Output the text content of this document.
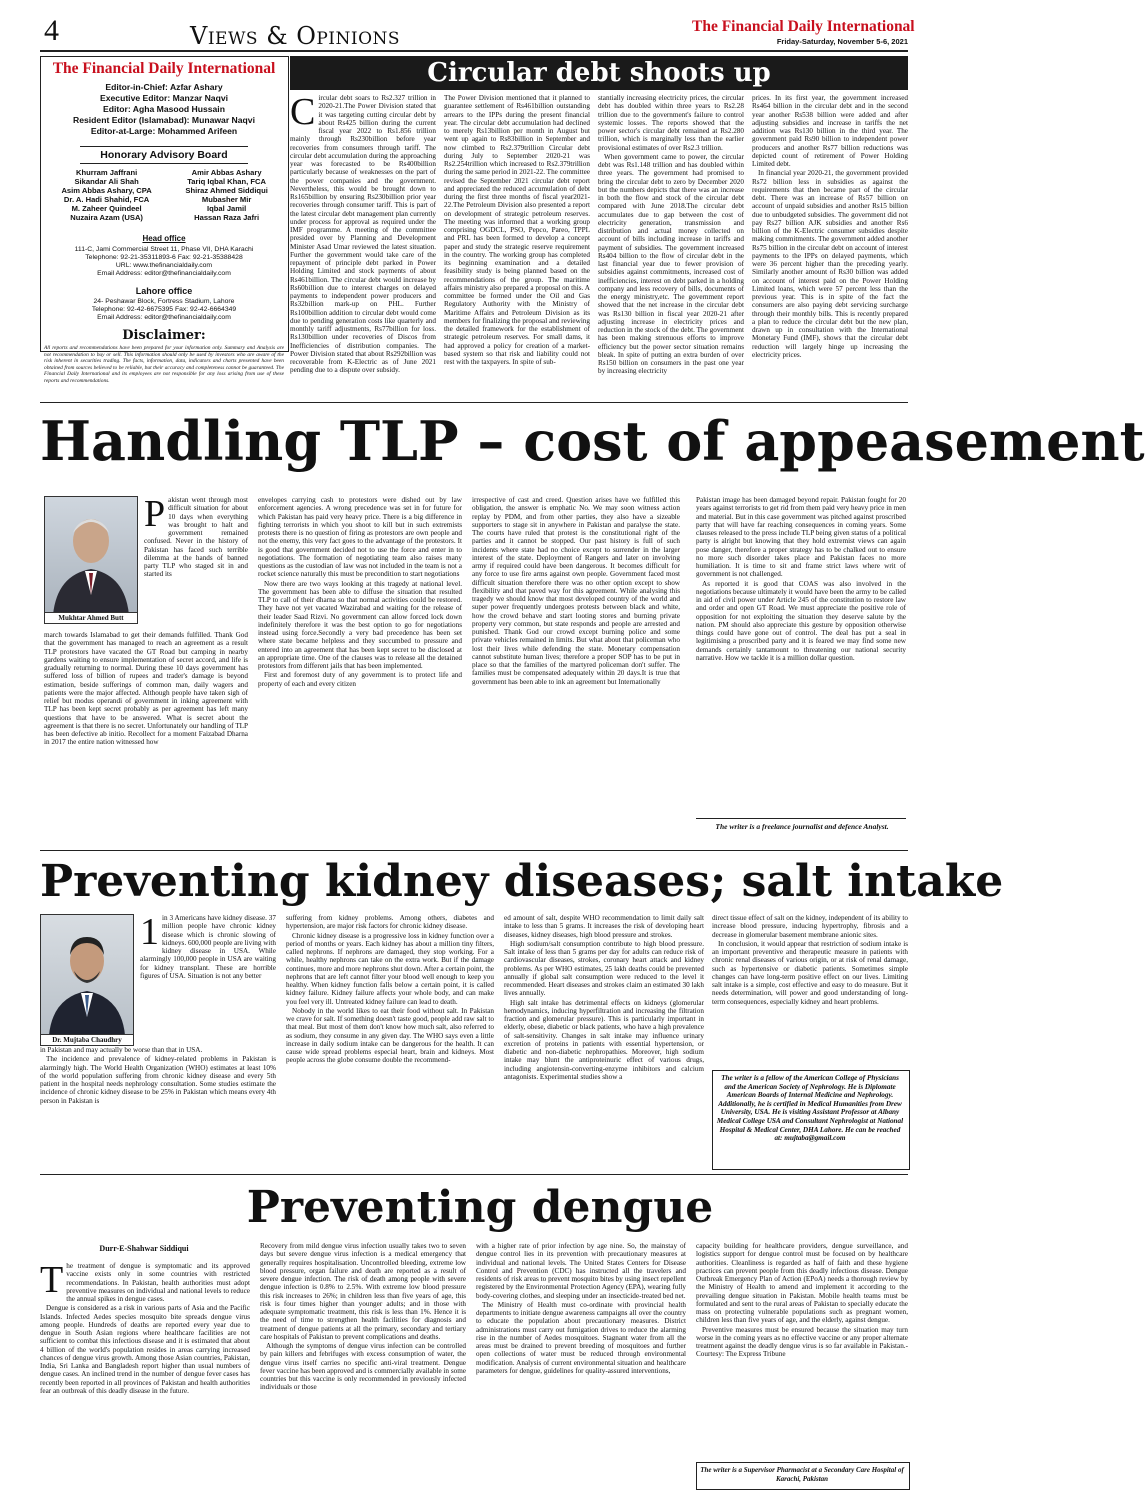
4	Views & Opinions	The Financial Daily International
Friday-Saturday, November 5-6, 2021
The Financial Daily International
Editor-in-Chief: Azfar Ashary
Executive Editor: Manzar Naqvi
Editor: Agha Masood Hussain
Resident Editor (Islamabad): Munawar Naqvi
Editor-at-Large: Mohammed Arifeen
Honorary Advisory Board
Khurram Jaffrani	Amir Abbas Ashary
Sikandar Ali Shah	Tariq Iqbal Khan, FCA
Asim Abbas Ashary, CPA	Shiraz Ahmed Siddiqui
Dr. A. Hadi Shahid, FCA	Mubasher Mir
M. Zaheer Quindeel	Iqbal Jamil
Nuzaira Azam (USA)	Hassan Raza Jafri
Head office
111-C, Jami Commercial Street 11, Phase VII, DHA Karachi
Telephone: 92-21-35311893-6 Fax: 92-21-35388428
URL: www.thefinancialdaily.com
Email Address: editor@thefinancialdaily.com
Lahore office
24- Peshawar Block, Fortress Stadium, Lahore
Telephone: 92-42-6675395 Fax: 92-42-6664349
Email Address: editor@thefinancialdaily.com
Disclaimer:
All reports and recommendations have been prepared for your information only. Summary and Analysis are not recommendation to buy or sell. This information should only be used by investors who are aware of the risk inherent in securities trading. The facts, information, data, indicators and charts presented have been obtained from sources believed to be reliable, but their accuracy and completeness cannot be guaranteed. The Financial Daily International and its employees are not responsible for any loss arising from use of these reports and recommendations.
Circular debt shoots up
C ircular debt soars to Rs2.327 trillion in 2020-21.The Power Division stated that it was targeting cutting circular debt by about Rs425 billion during the current fiscal year 2022 to Rs1.856 trillion mainly through Rs230billion before year recoveries from consumers through tariff. The circular debt accumulation during the approaching year was forecasted to be Rs400billion particularly because of weaknesses on the part of the power companies and the government. Nevertheless, this would be brought down to Rs165billion by ensuring Rs230billion prior year recoveries through consumer tariff. This is part of the latest circular debt management plan currently under process for approval as required under the IMF programme. A meeting of the committee presided over by Planning and Development Minister Asad Umar reviewed the latest situation. Further the government would take care of the repayment of principle debt parked in Power Holding Limited and stock payments of about Rs461billion. The circular debt would increase by Rs60billion due to interest charges on delayed payments to independent power producers and Rs32billion mark-up on PHL. Further Rs100billion addition to circular debt would come due to pending generation costs like quarterly and monthly tariff adjustments, Rs77billion for loss. Rs130billion under recoveries of Discos from Inefficiencies of distribution companies. The Power Division stated that about Rs292billion was recoverable from K-Electric as of June 2021 pending due to a dispute over subsidy.

The Power Division mentioned that it planned to guarantee settlement of Rs461billion outstanding arrears to the IPPs during the present financial year. The circular debt accumulation had declined to merely Rs13billion per month in August but went up again to Rs83billion in September and now climbed to Rs2.379trillion Circular debt during July to September 2020-21 was Rs2.254trillion which increased to Rs2.379trillion during the same period in 2021-22. The committee revised the September 2021 circular debt report and appreciated the reduced accumulation of debt during the first three months of fiscal year2021-22.The Petroleum Division also presented a report on development of strategic petroleum reserves. The meeting was informed that a working group comprising OGDCL, PSO, Pepco, Pareo, TPPL and PRL has been formed to develop a concept paper and study the strategic reserve requirement in the country. The working group has completed its beginning examination and a detailed feasibility study is being planned based on the recommendations of the group. The maritime affairs ministry also prepared a proposal on this. A committee be formed under the Oil and Gas Regulatory Authority with the Ministry of Maritime Affairs and Petroleum Division as its members for finalizing the proposal and reviewing the detailed framework for the establishment of strategic petroleum reserves. For small dams, it had approved a policy for creation of a market-based system so that risk and liability could not rest with the taxpayers. In spite of sub-

stantially increasing electricity prices, the circular debt has doubled within three years to Rs2.28 trillion due to the government's failure to control systemic losses. The reports showed that the power sector's circular debt remained at Rs2.280 trillion, which is marginally less than the earlier provisional estimates of over Rs2.3 trillion.

When government came to power, the circular debt was Rs1.148 trillion and has doubled within three years. The government had promised to bring the circular debt to zero by December 2020 but the numbers depicts that there was an increase in both the flow and stock of the circular debt compared with June 2018.The circular debt accumulates due to gap between the cost of electricity generation, transmission and distribution and actual money collected on account of bills including increase in tariffs and payment of subsidies. The government increased Rs404 billion to the flow of circular debt in the last financial year due to fewer provision of subsidies against commitments, increased cost of inefficiencies, interest on debt parked in a holding company and less recovery of bills, documents of the energy ministry,etc. The government report showed that the net increase in the circular debt was Rs130 billion in fiscal year 2020-21 after adjusting increase in electricity prices and reduction in the stock of the debt. The government has been making strenuous efforts to improve efficiency but the power sector situation remains bleak. In spite of putting an extra burden of over Rs150 billion on consumers in the past one year by increasing electricity

prices. In its first year, the government increased Rs464 billion in the circular debt and in the second year another Rs538 billion were added and after adjusting subsidies and increase in tariffs the net addition was Rs130 billion in the third year. The government paid Rs90 billion to independent power producers and another Rs77 billion reductions was depicted count of retirement of Power Holding Limited debt.

In financial year 2020-21, the government provided Rs72 billion less in subsidies as against the requirements that then became part of the circular debt. There was an increase of Rs57 billion on account of unpaid subsidies and another Rs15 billion due to unbudgeted subsidies. The government did not pay Rs27 billion AJK subsidies and another Rs6 billion of the K-Electric consumer subsidies despite making commitments. The government added another Rs75 billion in the circular debt on account of interest payments to the IPPs on delayed payments, which were 36 percent higher than the preceding yearly. Similarly another amount of Rs30 billion was added on account of interest paid on the Power Holding Limited loans, which were 57 percent less than the previous year. This is in spite of the fact the consumers are also paying debt servicing surcharge through their monthly bills. This is recently prepared a plan to reduce the circular debt but the new plan, drawn up in consultation with the International Monetary Fund (IMF), shows that the circular debt reduction will largely hinge up increasing the electricity prices.

Handling TLP – cost of appeasement
Mukhtar Ahmed Butt
Pakistan went through most difficult situation for about 10 days when everything was brought to halt and government remained confused. Never in the history of Pakistan has faced such terrible dilemma at the hands of banned party TLP who staged sit in and started its

march towards Islamabad to get their demands fulfilled. Thank God that the government has managed to reach an agreement as a result TLP protestors have vacated the GT Road but camping in nearby gardens waiting to ensure implementation of secret accord, and life is gradually returning to normal. During these 10 days government has suffered loss of billion of rupees and trader's damage is beyond estimation, beside sufferings of common man, daily wagers and patients were the major affected. Although people have taken sigh of relief but modus operandi of government in inking agreement with TLP has been kept secret probably as per agreement has left many questions that have to be answered. What is secret about the agreement is that there is no secret. Unfortunately our handling of TLP has been defective ab initio. Recollect for a moment Faizabad Dharna in 2017 the entire nation witnessed how

envelopes carrying cash to protestors were dished out by law enforcement agencies. A wrong precedence was set in for future for which Pakistan has paid very heavy price. There is a big difference in fighting terrorists in which you shoot to kill but in such extremists protests there is no question of firing as protestors are own people and not the enemy, this very fact goes to the advantage of the protestors. It is good that government decided not to use the force and enter in to negotiations. The formation of negotiating team also raises many questions as the custodian of law was not included in the team is not a rocket science naturally this must be precondition to start negotiations

Now there are two ways looking at this tragedy at national level. The government has been able to diffuse the situation that resulted TLP to call of their dharna so that normal activities could be restored. They have not yet vacated Wazirabad and waiting for the release of their leader Saad Rizvi. No government can allow forced lock down indefinitely therefore it was the best option to go for negotiations instead using force.Secondly a very bad precedence has been set where state became helpless and they succumbed to pressure and entered into an agreement that has been kept secret to be disclosed at an appropriate time. One of the clauses was to release all the detained protestors from different jails that has been implemented.

First and foremost duty of any government is to protect life and property of each and every citizen

irrespective of cast and creed. Question arises have we fulfilled this obligation, the answer is emphatic No. We may soon witness action replay by PDM, and from other parties, they also have a sizeable supporters to stage sit in anywhere in Pakistan and paralyse the state. The courts have ruled that protest is the constitutional right of the parties and it cannot be stopped. Our past history is full of such incidents where state had no choice except to surrender in the larger interest of the state. Deployment of Rangers and later on involving army if required could have been dangerous. It becomes difficult for any force to use fire arms against own people. Government faced most difficult situation therefore there was no other option except to show flexibility and that paved way for this agreement. While analysing this tragedy we should know that most developed country of the world and super power frequently undergoes protests between black and white, how the crowd behave and start looting stores and burning private property very common, but state responds and people are arrested and punished. Thank God our crowd except burning police and some private vehicles remained in limits. But what about that policeman who lost their lives while defending the state. Monetary compensation cannot substitute human lives; therefore a proper SOP has to be put in place so that the families of the martyred policeman don't suffer. The families must be compensated adequately within 20 days.It is true that government has been able to ink an agreement but Internationally

Pakistan image has been damaged beyond repair. Pakistan fought for 20 years against terrorists to get rid from them paid very heavy price in men and material. But in this case government was pitched against proscribed party that will have far reaching consequences in coming years. Some clauses released to the press include TLP being given status of a political party is alright but knowing that they hold extremist views can again pose danger, therefore a proper strategy has to be chalked out to ensure no more such disorder takes place and Pakistan faces no more humiliation. It is time to sit and frame strict laws where writ of government is not challenged.

As reported it is good that COAS was also involved in the negotiations because ultimately it would have been the army to be called in aid of civil power under Article 245 of the constitution to restore law and order and open GT Road. We must appreciate the positive role of opposition for not exploiting the situation they deserve salute by the nation. PM should also appreciate this gesture by opposition otherwise things could have gone out of control. The deal has put a seal in legitimising a proscribed party and it is feared we may find some new demands certainly tantamount to threatening our national security narrative. How we tackle it is a million dollar question.

The writer is a freelance journalist and defence Analyst.
Preventing kidney diseases; salt intake
Dr. Mujtaba Chaudhry
1 in 3 Americans have kidney disease. 37 million people have chronic kidney disease which is chronic slowing of kidneys. 600,000 people are living with kidney disease in USA. While alarmingly 100,000 people in USA are waiting for kidney transplant. These are horrible figures of USA. Situation is not any better

in Pakistan and may actually be worse than that in USA.

The incidence and prevalence of kidney-related problems in Pakistan is alarmingly high. The World Health Organization (WHO) estimates at least 10% of the world population suffering from chronic kidney disease and every 5th patient in the hospital needs nephrology consultation. Some studies estimate the incidence of chronic kidney disease to be 25% in Pakistan which means every 4th person in Pakistan is

suffering from kidney problems. Among others, diabetes and hypertension, are major risk factors for chronic kidney disease.

Chronic kidney disease is a progressive loss in kidney function over a period of months or years. Each kidney has about a million tiny filters, called nephrons. If nephrons are damaged, they stop working. For a while, healthy nephrons can take on the extra work. But if the damage continues, more and more nephrons shut down. After a certain point, the nephrons that are left cannot filter your blood well enough to keep you healthy. When kidney function falls below a certain point, it is called kidney failure. Kidney failure affects your whole body, and can make you feel very ill. Untreated kidney failure can lead to death.

Nobody in the world likes to eat their food without salt. In Pakistan we crave for salt. If something doesn't taste good, people add raw salt to that meal. But most of them don't know how much salt, also referred to as sodium, they consume in any given day. The WHO says even a little increase in daily sodium intake can be dangerous for the health. It can cause wide spread problems especial heart, brain and kidneys. Most people across the globe consume double the recommend-

ed amount of salt, despite WHO recommendation to limit daily salt intake to less than 5 grams. It increases the risk of developing heart diseases, kidney diseases, high blood pressure and strokes.

High sodium/salt consumption contribute to high blood pressure. Salt intake of less than 5 grams per day for adults can reduce risk of cardiovascular diseases, strokes, coronary heart attack and kidney problems. As per WHO estimates, 25 lakh deaths could be prevented annually if global salt consumption were reduced to the level it recommended. Heart diseases and strokes claim an estimated 30 lakh lives annually.

High salt intake has detrimental effects on kidneys (glomerular hemodynamics, inducing hyperfiltration and increasing the filtration fraction and glomerular pressure). This is particularly important in elderly, obese, diabetic or black patients, who have a high prevalence of salt-sensitivity. Changes in salt intake may influence urinary excretion of proteins in patients with essential hypertension, or diabetic and non-diabetic nephropathies. Moreover, high sodium intake may blunt the antiproteinuric effect of various drugs, including angiotensin-converting-enzyme inhibitors and calcium antagonists. Experimental studies show a

direct tissue effect of salt on the kidney, independent of its ability to increase blood pressure, inducing hypertrophy, fibrosis and a decrease in glomerular basement membrane anionic sites.

In conclusion, it would appear that restriction of sodium intake is an important preventive and therapeutic measure in patients with chronic renal diseases of various origin, or at risk of renal damage, such as hypertensive or diabetic patients. Sometimes simple changes can have long-term positive effect on our lives. Limiting salt intake is a simple, cost effective and easy to do measure. But it needs determination, will power and good understanding of long-term consequences, especially kidney and heart problems.

The writer is a fellow of the American College of Physicians and the American Society of Nephrology. He is Diplomate American Boards of Internal Medicine and Nephrology. Additionally, he is certified in Medical Humanities from Drew University, USA. He is visiting Assistant Professor at Albany Medical College USA and Consultant Nephrologist at National Hospital & Medical Center, DHA Lahore. He can be reached at: mujtaba@gmail.com
Preventing dengue
Durr-E-Shahwar Siddiqui
T he treatment of dengue is symptomatic and its approved vaccine exists only in some countries with restricted recommendations. In Pakistan, health authorities must adopt preventive measures on individual and national levels to reduce the annual spikes in dengue cases.

Dengue is considered as a risk in various parts of Asia and the Pacific Islands. Infected Aedes species mosquito bite spreads dengue virus among people. Hundreds of deaths are reported every year due to dengue in South Asian regions where healthcare facilities are not sufficient to combat this infectious disease and it is estimated that about 4 billion of the world's population resides in areas carrying increased chances of dengue virus growth. Among those Asian countries, Pakistan, India, Sri Lanka and Bangladesh report higher than usual numbers of dengue cases. An inclined trend in the number of dengue fever cases has recently been reported in all provinces of Pakistan and health authorities fear an outbreak of this deadly disease in the future.

Recovery from mild dengue virus infection usually takes two to seven days but severe dengue virus infection is a medical emergency that generally requires hospitalisation. Uncontrolled bleeding, extreme low blood pressure, organ failure and death are reported as a result of severe dengue infection. The risk of death among people with severe dengue infection is 0.8% to 2.5%. With extreme low blood pressure this risk increases to 26%; in children less than five years of age, this risk is four times higher than younger adults; and in those with adequate symptomatic treatment, this risk is less than 1%. Hence it is the need of time to strengthen health facilities for diagnosis and treatment of dengue patients at all the primary, secondary and tertiary care hospitals of Pakistan to prevent complications and deaths.

Although the symptoms of dengue virus infection can be controlled by pain killers and febrifuges with excess consumption of water, the dengue virus itself carries no specific anti-viral treatment. Dengue fever vaccine has been approved and is commercially available in some countries but this vaccine is only recommended in previously infected individuals or those

with a higher rate of prior infection by age nine. So, the mainstay of dengue control lies in its prevention with precautionary measures at individual and national levels. The United States Centers for Disease Control and Prevention (CDC) has instructed all the travelers and residents of risk areas to prevent mosquito bites by using insect repellent registered by the Environmental Protection Agency (EPA), wearing fully body-covering clothes, and sleeping under an insecticide-treated bed net.

The Ministry of Health must co-ordinate with provincial health departments to initiate dengue awareness campaigns all over the country to educate the population about precautionary measures. District administrations must carry out fumigation drives to reduce the alarming rise in the number of Aedes mosquitoes. Stagnant water from all the areas must be drained to prevent breeding of mosquitoes and further open collections of water must be reduced through environmental modification. Analysis of current environmental situation and healthcare parameters for dengue, guidelines for quality-assured interventions,

capacity building for healthcare providers, dengue surveillance, and logistics support for dengue control must be focused on by healthcare authorities. Cleanliness is regarded as half of faith and these hygiene practices can prevent people from this deadly infectious disease. Dengue Outbreak Emergency Plan of Action (EPoA) needs a thorough review by the Ministry of Health to amend and implement it according to the prevailing dengue situation in Pakistan. Mobile health teams must be formulated and sent to the rural areas of Pakistan to specially educate the mass on protecting vulnerable populations such as pregnant women, children less than five years of age, and the elderly, against dengue.

Preventive measures must be ensured because the situation may turn worse in the coming years as no effective vaccine or any proper alternate treatment against the deadly dengue virus is so far available in Pakistan.-Courtesy: The Express Tribune

The writer is a Supervisor Pharmacist at a Secondary Care Hospital of Karachi, Pakistan
